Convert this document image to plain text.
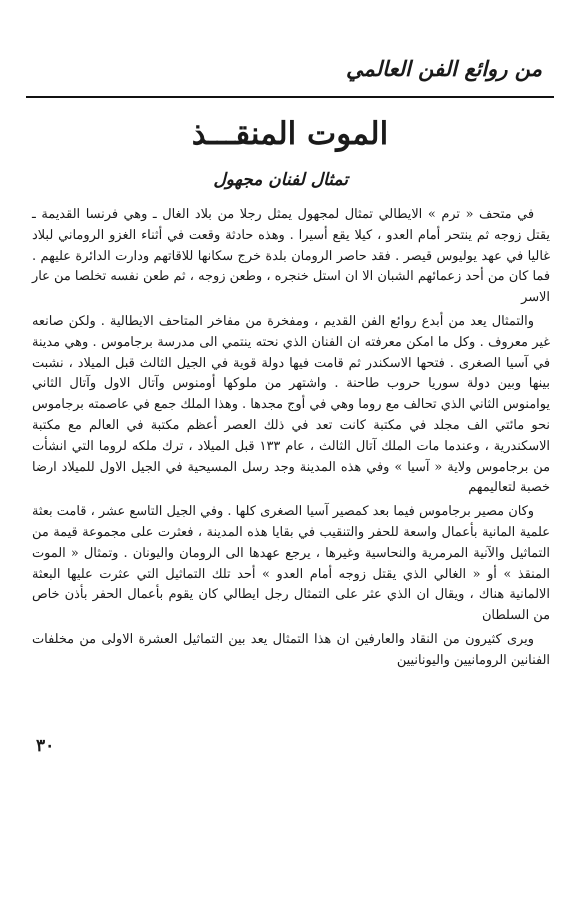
من روائع الفن العالمي
الموت المنقـــذ
تمثال لفنان مجهول

في متحف « ترم » الايطالي تمثال لمجهول يمثل رجلا من بلاد الغال ـ وهي فرنسا القديمة ـ يقتل زوجه ثم ينتحر أمام العدو ، كيلا يقع أسيرا . وهذه حادثة وقعت في أثناء الغزو الروماني لبلاد غاليا في عهد يوليوس قيصر . فقد حاصر الرومان بلدة خرج سكانها للاقاتهم ودارت الدائرة عليهم . فما كان من أحد زعمائهم الشبان الا ان استل خنجره ، وطعن زوجه ، ثم طعن نفسه تخلصا من عار الاسر

والتمثال يعد من أبدع روائع الفن القديم ، ومفخرة من مفاخر المتاحف الايطالية . ولكن صانعه غير معروف . وكل ما امكن معرفته ان الفنان الذي نحته ينتمي الى مدرسة برجاموس . وهي مدينة في آسيا الصغرى . فتحها الاسكندر ثم قامت فيها دولة قوية في الجيل الثالث قبل الميلاد ، نشبت بينها وبين دولة سوريا حروب طاحنة . واشتهر من ملوكها أومنوس وآتال الاول وآتال الثاني يوامنوس الثاني الذي تحالف مع روما وهي في أوج مجدها . وهذا الملك جمع في عاصمته برجاموس نحو مائتي الف مجلد في مكتبة كانت تعد في ذلك العصر أعظم مكتبة في العالم مع مكتبة الاسكندرية ، وعندما مات الملك آتال الثالث ، عام ١٣٣ قبل الميلاد ، ترك ملكه لروما التي انشأت من برجاموس ولاية « آسيا » وفي هذه المدينة وجد رسل المسيحية في الجيل الاول للميلاد ارضا خصبة لتعاليمهم

وكان مصير برجاموس فيما بعد كمصير آسيا الصغرى كلها . وفي الجيل التاسع عشر ، قامت بعثة علمية المانية بأعمال واسعة للحفر والتنقيب في بقايا هذه المدينة ، فعثرت على مجموعة قيمة من التماثيل والآنية المرمرية والنحاسية وغيرها ، يرجع عهدها الى الرومان واليونان . وتمثال « الموت المنقذ » أو « الغالي الذي يقتل زوجه أمام العدو » أحد تلك التماثيل التي عثرت عليها البعثة الالمانية هناك ، ويقال ان الذي عثر على التمثال رجل ايطالي كان يقوم بأعمال الحفر بأذن خاص من السلطان

ويرى كثيرون من النقاد والعارفين ان هذا التمثال يعد بين التماثيل العشرة الاولى من مخلفات الفنانين الرومانيين واليونانيين

٣٠
